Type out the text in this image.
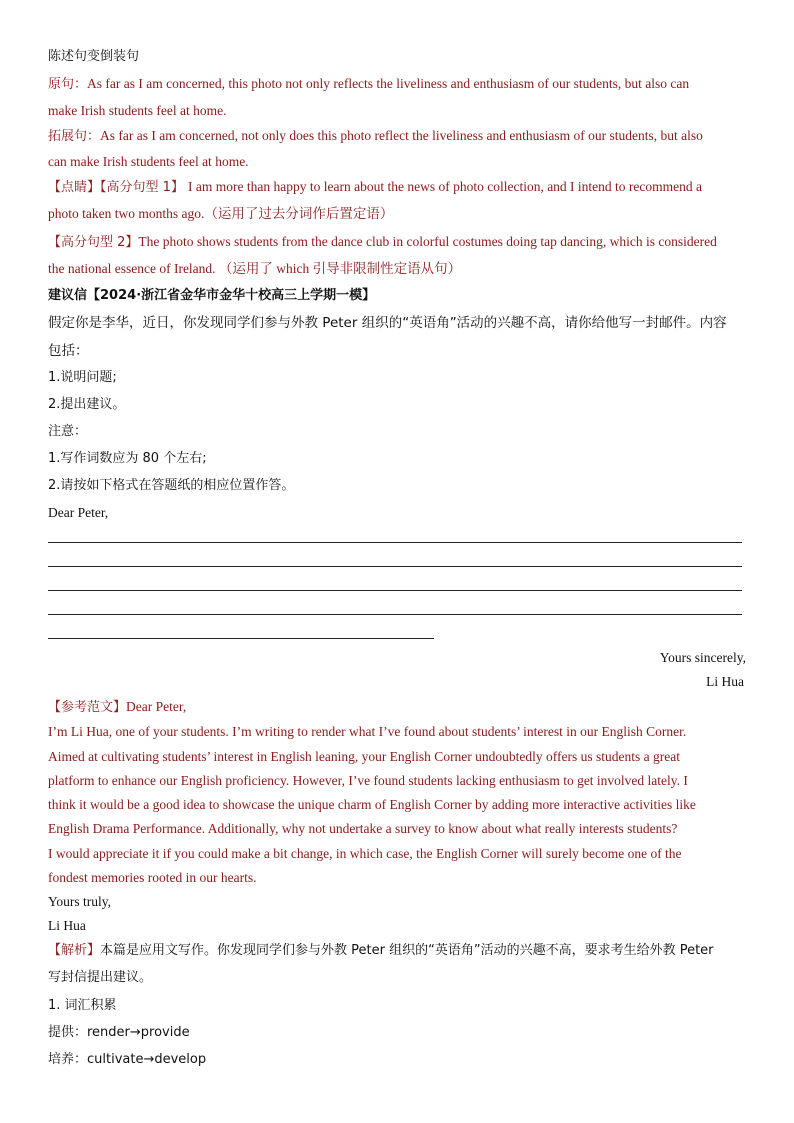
陈述句变倒装句
原句：As far as I am concerned, this photo not only reflects the liveliness and enthusiasm of our students, but also can
make Irish students feel at home.
拓展句：As far as I am concerned, not only does this photo reflect the liveliness and enthusiasm of our students, but also
can make Irish students feel at home.
【点睛】【高分句型 1】 I am more than happy to learn about the news of photo collection, and I intend to recommend a
photo taken two months ago.（运用了过去分词作后置定语）
【高分句型 2】The photo shows students from the dance club in colorful costumes doing tap dancing, which is considered
the national essence of Ireland. （运用了 which 引导非限制性定语从句）
建议信【2024·浙江省金华市金华十校高三上学期一模】
假定你是李华，近日，你发现同学们参与外教 Peter 组织的“英语角”活动的兴趣不高，请你给他写一封邮件。内容
包括：
1.说明问题;
2.提出建议。
注意：
1.写作词数应为 80 个左右;
2.请按如下格式在答题纸的相应位置作答。
Dear Peter,
Yours sincerely,
Li Hua
【参考范文】Dear Peter,
I’m Li Hua, one of your students. I’m writing to render what I’ve found about students’ interest in our English Corner.
Aimed at cultivating students’ interest in English leaning, your English Corner undoubtedly offers us students a great
platform to enhance our English proficiency. However, I’ve found students lacking enthusiasm to get involved lately. I
think it would be a good idea to showcase the unique charm of English Corner by adding more interactive activities like
English Drama Performance. Additionally, why not undertake a survey to know about what really interests students?
I would appreciate it if you could make a bit change, in which case, the English Corner will surely become one of the
fondest memories rooted in our hearts.
Yours truly,
Li Hua
【解析】本篇是应用文写作。你发现同学们参与外教 Peter 组织的“英语角”活动的兴趣不高，要求考生给外教 Peter
写封信提出建议。
1. 词汇积累
提供：render→provide
培养：cultivate→develop
